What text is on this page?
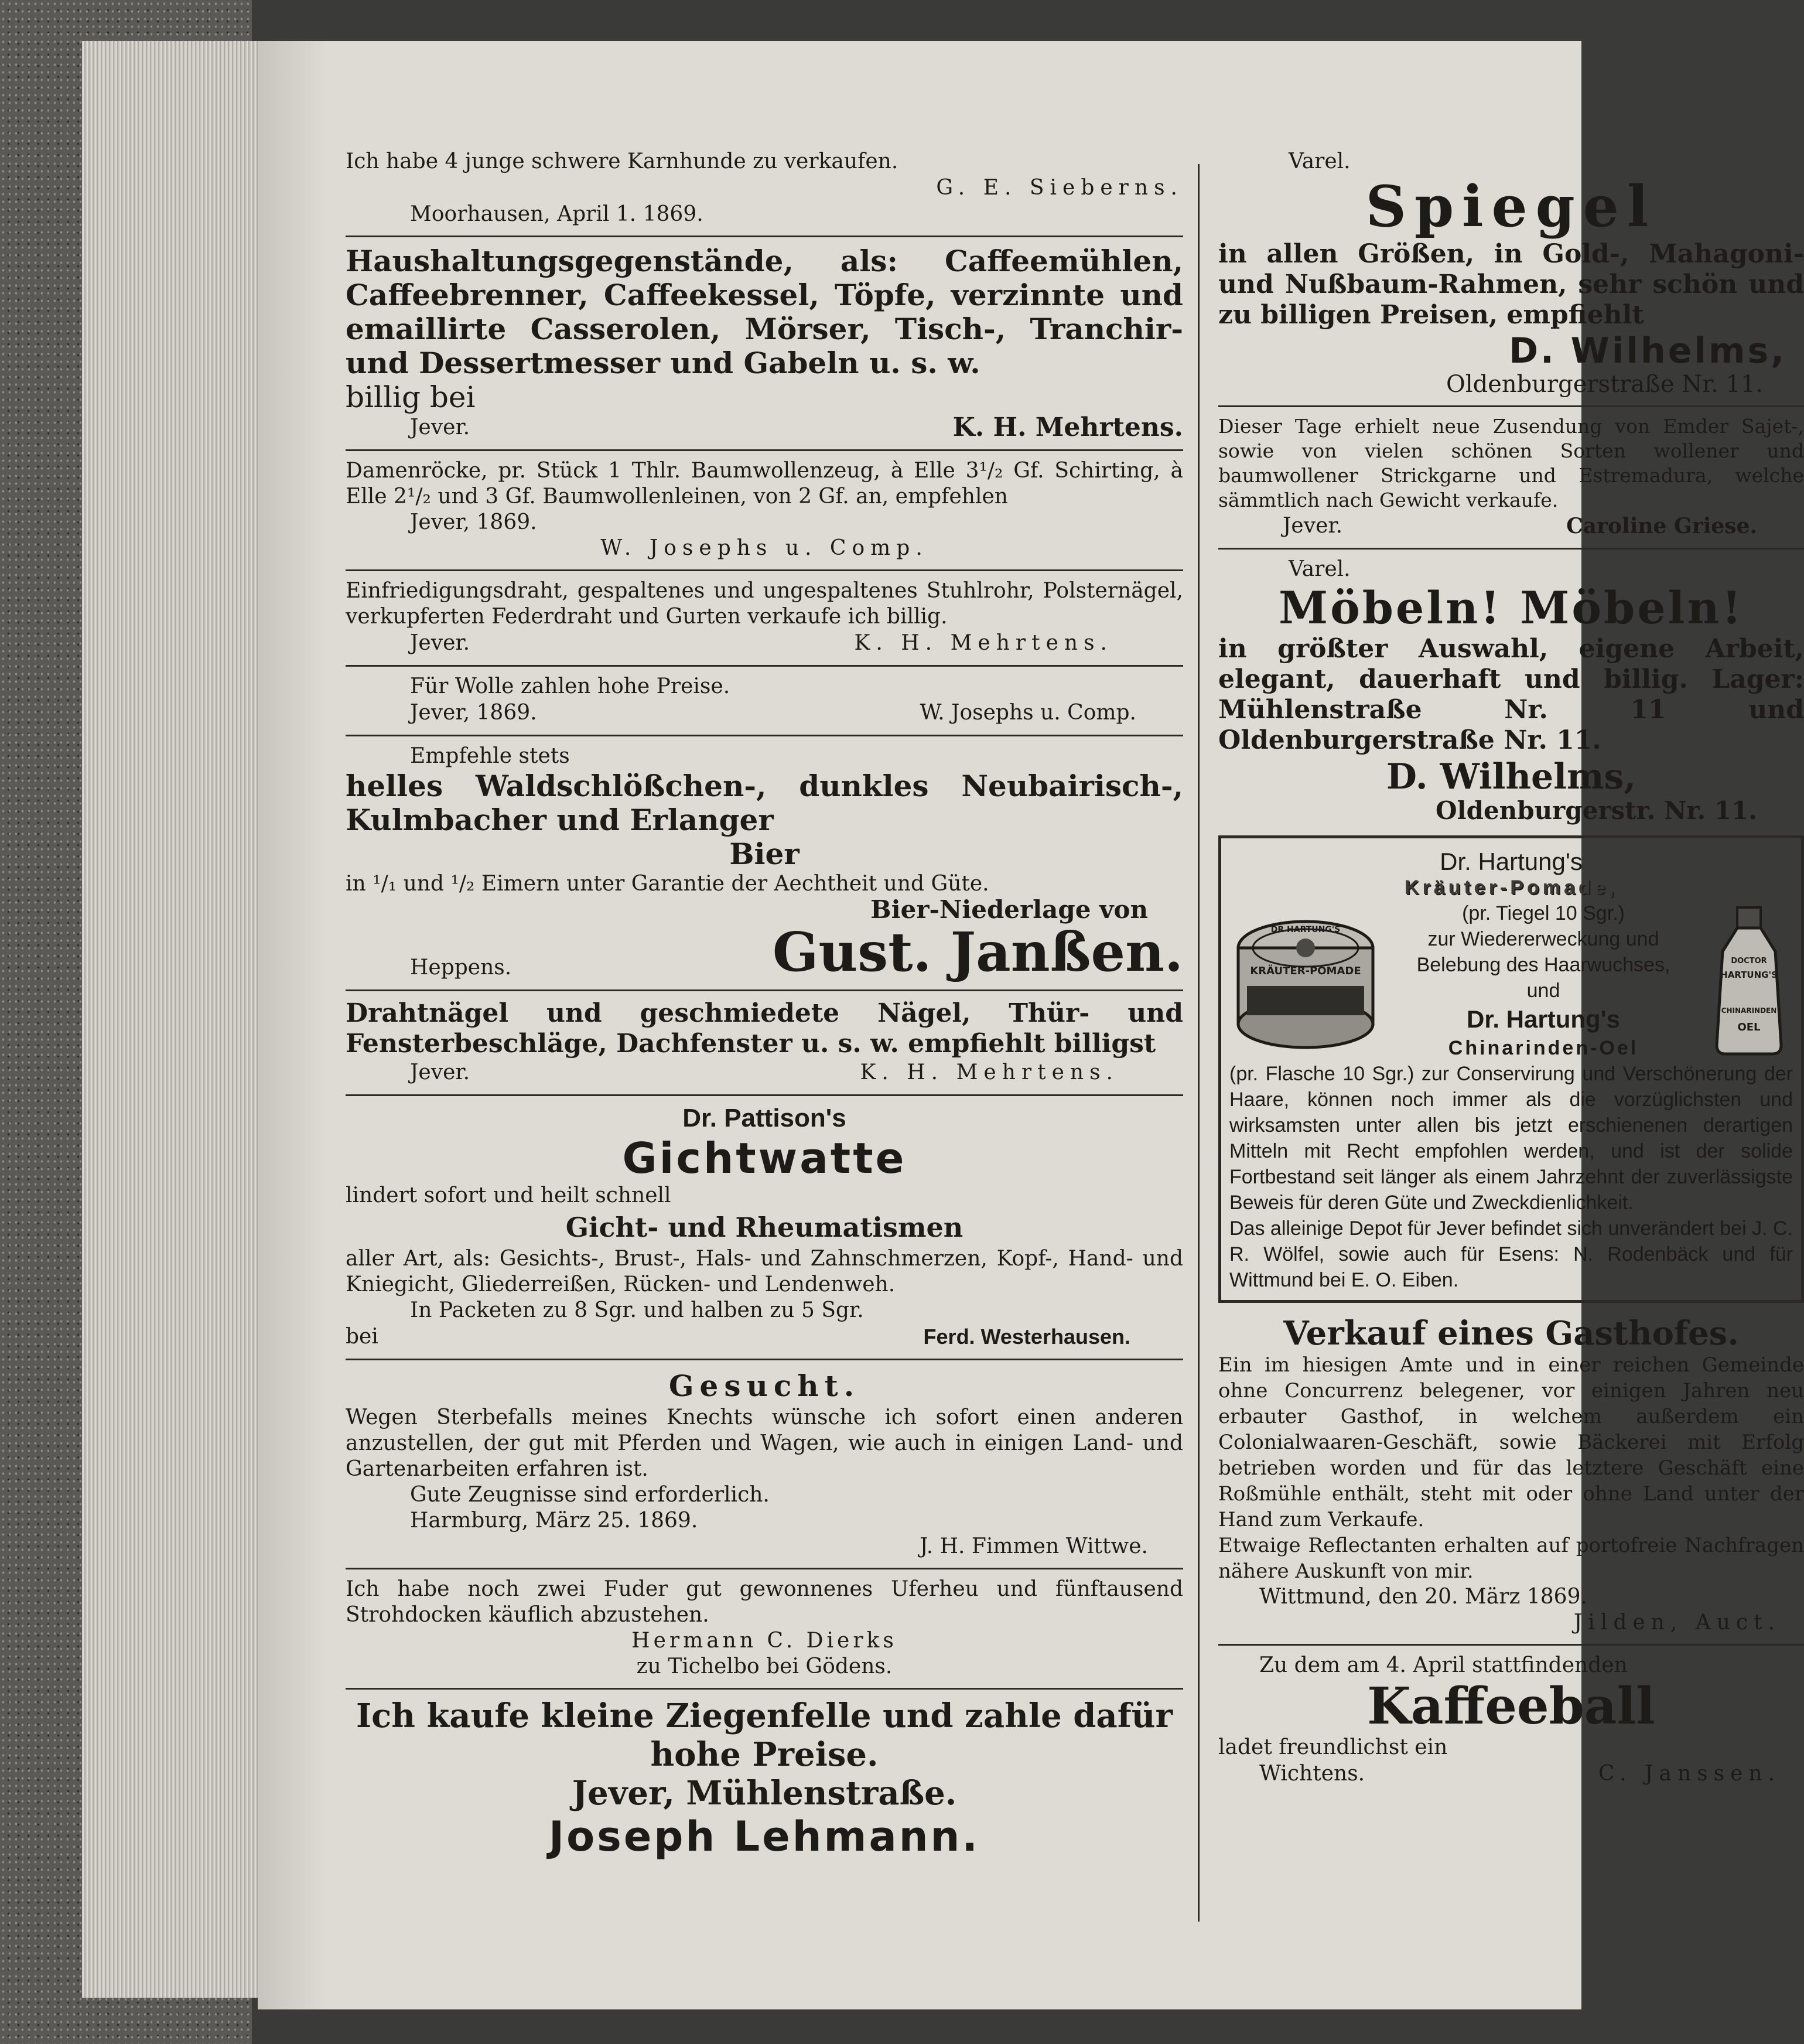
Ich habe 4 junge schwere Karnhunde zu verkaufen.

G. E. Sieberns.

Moorhausen, April 1. 1869.

Haushaltungsgegenstände, als: Caffeemühlen, Caffeebrenner, Caffeekessel, Töpfe, verzinnte und emaillirte Casserolen, Mörser, Tisch-, Tranchir- und Dessertmesser und Gabeln u. s. w.

billig bei

Jever.	K. H. Mehrtens.

Damenröcke, pr. Stück 1 Thlr. Baumwollenzeug, à Elle 3¹/₂ Gf. Schirting, à Elle 2¹/₂ und 3 Gf. Baumwollenleinen, von 2 Gf. an, empfehlen

Jever, 1869.

W. Josephs u. Comp.

Einfriedigungsdraht, gespaltenes und ungespaltenes Stuhlrohr, Polsternägel, verkupferten Federdraht und Gurten verkaufe ich billig.

Jever.	K. H. Mehrtens.

Für Wolle zahlen hohe Preise.

Jever, 1869.	W. Josephs u. Comp.

Empfehle stets

helles Waldschlößchen-, dunkles Neubairisch-, Kulmbacher und Erlanger

Bier

in ¹/₁ und ¹/₂ Eimern unter Garantie der Aechtheit und Güte.

Bier-Niederlage von

Heppens.	Gust. Janßen.

Drahtnägel und geschmiedete Nägel, Thür- und Fensterbeschläge, Dachfenster u. s. w. empfiehlt billigst

Jever.	K. H. Mehrtens.

Dr. Pattison's

Gichtwatte

lindert sofort und heilt schnell

Gicht- und Rheumatismen

aller Art, als: Gesichts-, Brust-, Hals- und Zahnschmerzen, Kopf-, Hand- und Kniegicht, Gliederreißen, Rücken- und Lendenweh.

In Packeten zu 8 Sgr. und halben zu 5 Sgr.

bei	Ferd. Westerhausen.

Gesucht.

Wegen Sterbefalls meines Knechts wünsche ich sofort einen anderen anzustellen, der gut mit Pferden und Wagen, wie auch in einigen Land- und Gartenarbeiten erfahren ist.

Gute Zeugnisse sind erforderlich.

Harmburg, März 25. 1869.

J. H. Fimmen Wittwe.

Ich habe noch zwei Fuder gut gewonnenes Uferheu und fünftausend Strohdocken käuflich abzustehen.

Hermann C. Dierks

zu Tichelbo bei Gödens.

Ich kaufe kleine Ziegenfelle und zahle dafür hohe Preise.

Jever, Mühlenstraße.

Joseph Lehmann.

Varel.

Spiegel

in allen Größen, in Gold-, Mahagoni- und Nußbaum-Rahmen, sehr schön und zu billigen Preisen, empfiehlt

D. Wilhelms,

Oldenburgerstraße Nr. 11.

Dieser Tage erhielt neue Zusendung von Emder Sajet-, sowie von vielen schönen Sorten wollener und baumwollener Strickgarne und Estremadura, welche sämmtlich nach Gewicht verkaufe.

Jever.	Caroline Griese.

Varel.

Möbeln! Möbeln!

in größter Auswahl, eigene Arbeit, elegant, dauerhaft und billig. Lager: Mühlenstraße Nr. 11 und Oldenburgerstraße Nr. 11.

D. Wilhelms,

Oldenburgerstr. Nr. 11.

Dr. Hartung's

Kräuter-Pomade,

DR HARTUNG'S
KRÄUTER-POMADE

(pr. Tiegel 10 Sgr.)

zur Wiedererweckung und

Belebung des Haarwuchses,

und

Dr. Hartung's

Chinarinden-Oel

DOCTOR
HARTUNG'S
CHINARINDEN
OEL

(pr. Flasche 10 Sgr.) zur Conservirung und Verschönerung der Haare, können noch immer als die vorzüglichsten und wirksamsten unter allen bis jetzt erschienenen derartigen Mitteln mit Recht empfohlen werden, und ist der solide Fortbestand seit länger als einem Jahrzehnt der zuverlässigste Beweis für deren Güte und Zweckdienlichkeit.

Das alleinige Depot für Jever befindet sich unverändert bei J. C. R. Wölfel, sowie auch für Esens: N. Rodenbäck und für Wittmund bei E. O. Eiben.

Verkauf eines Gasthofes.

Ein im hiesigen Amte und in einer reichen Gemeinde ohne Concurrenz belegener, vor einigen Jahren neu erbauter Gasthof, in welchem außerdem ein Colonialwaaren-Geschäft, sowie Bäckerei mit Erfolg betrieben worden und für das letztere Geschäft eine Roßmühle enthält, steht mit oder ohne Land unter der Hand zum Verkaufe.

Etwaige Reflectanten erhalten auf portofreie Nachfragen nähere Auskunft von mir.

Wittmund, den 20. März 1869.

Jilden, Auct.

Zu dem am 4. April stattfindenden

Kaffeeball

ladet freundlichst ein

Wichtens.	C. Janssen.
